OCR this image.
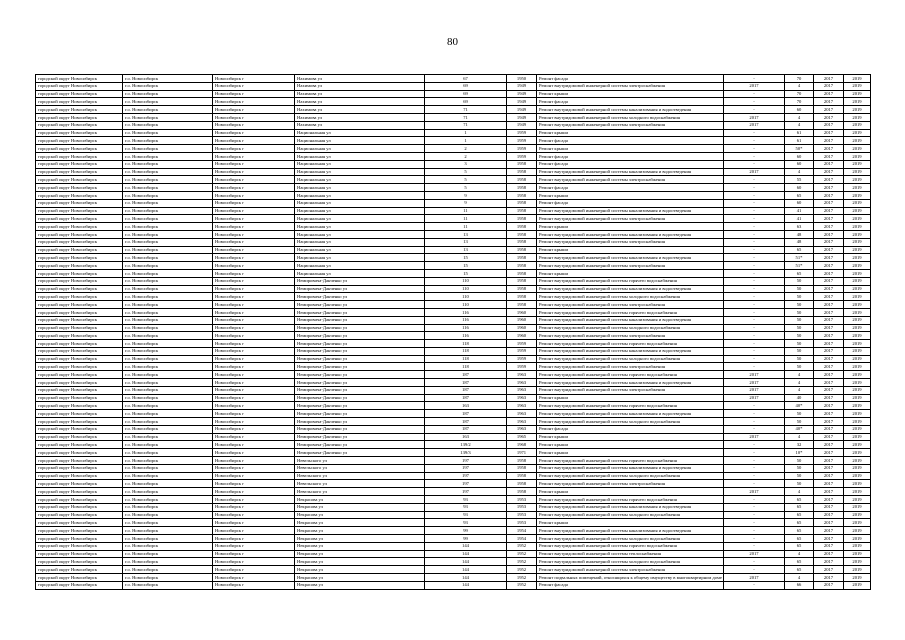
80
городской округ Новосибирск	г.о. Новосибирск	Новосибирск г	Нахимова ул	67	1950	Ремонт фасада	-	70	2017	2019
городской округ Новосибирск	г.о. Новосибирск	Новосибирск г	Нахимова ул	69	1949	Ремонт внутридомовой инженерной системы электроснабжения	2017	4	2017	2019
городской округ Новосибирск	г.о. Новосибирск	Новосибирск г	Нахимова ул	69	1949	Ремонт крыши	-	70	2017	2019
городской округ Новосибирск	г.о. Новосибирск	Новосибирск г	Нахимова ул	69	1949	Ремонт фасада	-	70	2017	2019
городской округ Новосибирск	г.о. Новосибирск	Новосибирск г	Нахимова ул	71	1949	Ремонт внутридомовой инженерной системы канализования и водоотведения	-	60	2017	2019
городской округ Новосибирск	г.о. Новосибирск	Новосибирск г	Нахимова ул	71	1949	Ремонт внутридомовой инженерной системы холодного водоснабжения	2017	4	2017	2019
городской округ Новосибирск	г.о. Новосибирск	Новосибирск г	Нахимова ул	71	1949	Ремонт внутридомовой инженерной системы электроснабжения	2017	4	2017	2019
городской округ Новосибирск	г.о. Новосибирск	Новосибирск г	Национальная ул	1	1959	Ремонт крыши	-	61	2017	2019
городской округ Новосибирск	г.о. Новосибирск	Новосибирск г	Национальная ул	1	1959	Ремонт фасада	-	61	2017	2019
городской округ Новосибирск	г.о. Новосибирск	Новосибирск г	Национальная ул	2	1959	Ремонт крыши	-	50*	2017	2019
городской округ Новосибирск	г.о. Новосибирск	Новосибирск г	Национальная ул	2	1959	Ремонт фасада	-	60	2017	2019
городской округ Новосибирск	г.о. Новосибирск	Новосибирск г	Национальная ул	3	1958	Ремонт фасада	-	60	2017	2019
городской округ Новосибирск	г.о. Новосибирск	Новосибирск г	Национальная ул	5	1958	Ремонт внутридомовой инженерной системы канализования и водоотведения	2017	4	2017	2019
городской округ Новосибирск	г.о. Новосибирск	Новосибирск г	Национальная ул	5	1958	Ремонт внутридомовой инженерной системы электроснабжения	-	55	2017	2019
городской округ Новосибирск	г.о. Новосибирск	Новосибирск г	Национальная ул	5	1958	Ремонт фасада	-	60	2017	2019
городской округ Новосибирск	г.о. Новосибирск	Новосибирск г	Национальная ул	9	1958	Ремонт крыши	-	65	2017	2019
городской округ Новосибирск	г.о. Новосибирск	Новосибирск г	Национальная ул	9	1958	Ремонт фасада	-	60	2017	2019
городской округ Новосибирск	г.о. Новосибирск	Новосибирск г	Национальная ул	11	1958	Ремонт внутридомовой инженерной системы канализования и водоотведения	-	41	2017	2019
городской округ Новосибирск	г.о. Новосибирск	Новосибирск г	Национальная ул	11	1958	Ремонт внутридомовой инженерной системы электроснабжения	-	41	2017	2019
городской округ Новосибирск	г.о. Новосибирск	Новосибирск г	Национальная ул	11	1958	Ремонт крыши	-	63	2017	2019
городской округ Новосибирск	г.о. Новосибирск	Новосибирск г	Национальная ул	13	1958	Ремонт внутридомовой инженерной системы канализования и водоотведения	-	48	2017	2019
городской округ Новосибирск	г.о. Новосибирск	Новосибирск г	Национальная ул	13	1958	Ремонт внутридомовой инженерной системы электроснабжения	-	48	2017	2019
городской округ Новосибирск	г.о. Новосибирск	Новосибирск г	Национальная ул	13	1958	Ремонт крыши	-	65	2017	2019
городской округ Новосибирск	г.о. Новосибирск	Новосибирск г	Национальная ул	15	1958	Ремонт внутридомовой инженерной системы канализования и водоотведения	-	51*	2017	2019
городской округ Новосибирск	г.о. Новосибирск	Новосибирск г	Национальная ул	15	1958	Ремонт внутридомовой инженерной системы электроснабжения	-	51*	2017	2019
городской округ Новосибирск	г.о. Новосибирск	Новосибирск г	Национальная ул	15	1958	Ремонт крыши	-	65	2017	2019
городской округ Новосибирск	г.о. Новосибирск	Новосибирск г	Немировича-Данченко ул	110	1958	Ремонт внутридомовой инженерной системы горячего водоснабжения	-	50	2017	2019
городской округ Новосибирск	г.о. Новосибирск	Новосибирск г	Немировича-Данченко ул	110	1958	Ремонт внутридомовой инженерной системы канализования и водоотведения	-	50	2017	2019
городской округ Новосибирск	г.о. Новосибирск	Новосибирск г	Немировича-Данченко ул	110	1958	Ремонт внутридомовой инженерной системы холодного водоснабжения	-	50	2017	2019
городской округ Новосибирск	г.о. Новосибирск	Новосибирск г	Немировича-Данченко ул	110	1958	Ремонт внутридомовой инженерной системы электроснабжения	-	50	2017	2019
городской округ Новосибирск	г.о. Новосибирск	Новосибирск г	Немировича-Данченко ул	116	1960	Ремонт внутридомовой инженерной системы горячего водоснабжения	-	50	2017	2019
городской округ Новосибирск	г.о. Новосибирск	Новосибирск г	Немировича-Данченко ул	116	1960	Ремонт внутридомовой инженерной системы канализования и водоотведения	-	50	2017	2019
городской округ Новосибирск	г.о. Новосибирск	Новосибирск г	Немировича-Данченко ул	116	1960	Ремонт внутридомовой инженерной системы холодного водоснабжения	-	50	2017	2019
городской округ Новосибирск	г.о. Новосибирск	Новосибирск г	Немировича-Данченко ул	116	1960	Ремонт внутридомовой инженерной системы электроснабжения	-	50	2017	2019
городской округ Новосибирск	г.о. Новосибирск	Новосибирск г	Немировича-Данченко ул	118	1959	Ремонт внутридомовой инженерной системы горячего водоснабжения	-	50	2017	2019
городской округ Новосибирск	г.о. Новосибирск	Новосибирск г	Немировича-Данченко ул	118	1959	Ремонт внутридомовой инженерной системы канализования и водоотведения	-	50	2017	2019
городской округ Новосибирск	г.о. Новосибирск	Новосибирск г	Немировича-Данченко ул	118	1959	Ремонт внутридомовой инженерной системы холодного водоснабжения	-	50	2017	2019
городской округ Новосибирск	г.о. Новосибирск	Новосибирск г	Немировича-Данченко ул	118	1959	Ремонт внутридомовой инженерной системы электроснабжения	-	50	2017	2019
городской округ Новосибирск	г.о. Новосибирск	Новосибирск г	Немировича-Данченко ул	187	1963	Ремонт внутридомовой инженерной системы горячего водоснабжения	2017	4	2017	2019
городской округ Новосибирск	г.о. Новосибирск	Новосибирск г	Немировича-Данченко ул	187	1963	Ремонт внутридомовой инженерной системы канализования и водоотведения	2017	4	2017	2019
городской округ Новосибирск	г.о. Новосибирск	Новосибирск г	Немировича-Данченко ул	187	1963	Ремонт внутридомовой инженерной системы электроснабжения	2017	4	2017	2019
городской округ Новосибирск	г.о. Новосибирск	Новосибирск г	Немировича-Данченко ул	187	1963	Ремонт крыши	2017	40	2017	2019
городской округ Новосибирск	г.о. Новосибирск	Новосибирск г	Немировича-Данченко ул	163	1963	Ремонт внутридомовой инженерной системы горячего водоснабжения	-	40*	2017	2019
городской округ Новосибирск	г.о. Новосибирск	Новосибирск г	Немировича-Данченко ул	187	1963	Ремонт внутридомовой инженерной системы канализования и водоотведения	-	50	2017	2019
городской округ Новосибирск	г.о. Новосибирск	Новосибирск г	Немировича-Данченко ул	187	1963	Ремонт внутридомовой инженерной системы холодного водоснабжения	-	50	2017	2019
городской округ Новосибирск	г.о. Новосибирск	Новосибирск г	Немировича-Данченко ул	187	1963	Ремонт фасада	-	40*	2017	2019
городской округ Новосибирск	г.о. Новосибирск	Новосибирск г	Немировича-Данченко ул	163	1965	Ремонт крыши	2017	4	2017	2019
городской округ Новосибирск	г.о. Новосибирск	Новосибирск г	Немировича-Данченко ул	139/2	1968	Ремонт крыши	-	32	2017	2019
городской округ Новосибирск	г.о. Новосибирск	Новосибирск г	Немировича-Данченко ул	139/3	1971	Ремонт крыши	-	10*	2017	2019
городской округ Новосибирск	г.о. Новосибирск	Новосибирск г	Невельского ул	197	1958	Ремонт внутридомовой инженерной системы горячего водоснабжения	-	50	2017	2019
городской округ Новосибирск	г.о. Новосибирск	Новосибирск г	Невельского ул	197	1958	Ремонт внутридомовой инженерной системы канализования и водоотведения	-	50	2017	2019
городской округ Новосибирск	г.о. Новосибирск	Новосибирск г	Невельского ул	197	1958	Ремонт внутридомовой инженерной системы холодного водоснабжения	-	50	2017	2019
городской округ Новосибирск	г.о. Новосибирск	Новосибирск г	Невельского ул	197	1958	Ремонт внутридомовой инженерной системы электроснабжения	-	50	2017	2019
городской округ Новосибирск	г.о. Новосибирск	Новосибирск г	Невельского ул	197	1958	Ремонт крыши	2017	4	2017	2019
городской округ Новосибирск	г.о. Новосибирск	Новосибирск г	Некрасова ул	93	1953	Ремонт внутридомовой инженерной системы горячего водоснабжения	-	65	2017	2019
городской округ Новосибирск	г.о. Новосибирск	Новосибирск г	Некрасова ул	93	1953	Ремонт внутридомовой инженерной системы канализования и водоотведения	-	65	2017	2019
городской округ Новосибирск	г.о. Новосибирск	Новосибирск г	Некрасова ул	93	1953	Ремонт внутридомовой инженерной системы холодного водоснабжения	-	65	2017	2019
городской округ Новосибирск	г.о. Новосибирск	Новосибирск г	Некрасова ул	93	1953	Ремонт крыши	-	65	2017	2019
городской округ Новосибирск	г.о. Новосибирск	Новосибирск г	Некрасова ул	99	1954	Ремонт внутридомовой инженерной системы канализования и водоотведения	-	65	2017	2019
городской округ Новосибирск	г.о. Новосибирск	Новосибирск г	Некрасова ул	99	1954	Ремонт внутридомовой инженерной системы холодного водоснабжения	-	65	2017	2019
городской округ Новосибирск	г.о. Новосибирск	Новосибирск г	Некрасова ул	144	1952	Ремонт внутридомовой инженерной системы горячего водоснабжения	-	65	2017	2019
городской округ Новосибирск	г.о. Новосибирск	Новосибирск г	Некрасова ул	144	1952	Ремонт внутридомовой инженерной системы теплоснабжения	2017	4	2017	2019
городской округ Новосибирск	г.о. Новосибирск	Новосибирск г	Некрасова ул	144	1952	Ремонт внутридомовой инженерной системы холодного водоснабжения	-	65	2017	2019
городской округ Новосибирск	г.о. Новосибирск	Новосибирск г	Некрасова ул	144	1952	Ремонт внутридомовой инженерной системы электроснабжения	-	65	2017	2019
городской округ Новосибирск	г.о. Новосибирск	Новосибирск г	Некрасова ул	144	1952	Ремонт подвальных помещений, относящихся к общему имуществу в многоквартирном доме	2017	4	2017	2019
городской округ Новосибирск	г.о. Новосибирск	Новосибирск г	Некрасова ул	144	1952	Ремонт фасада	-	66	2017	2019
